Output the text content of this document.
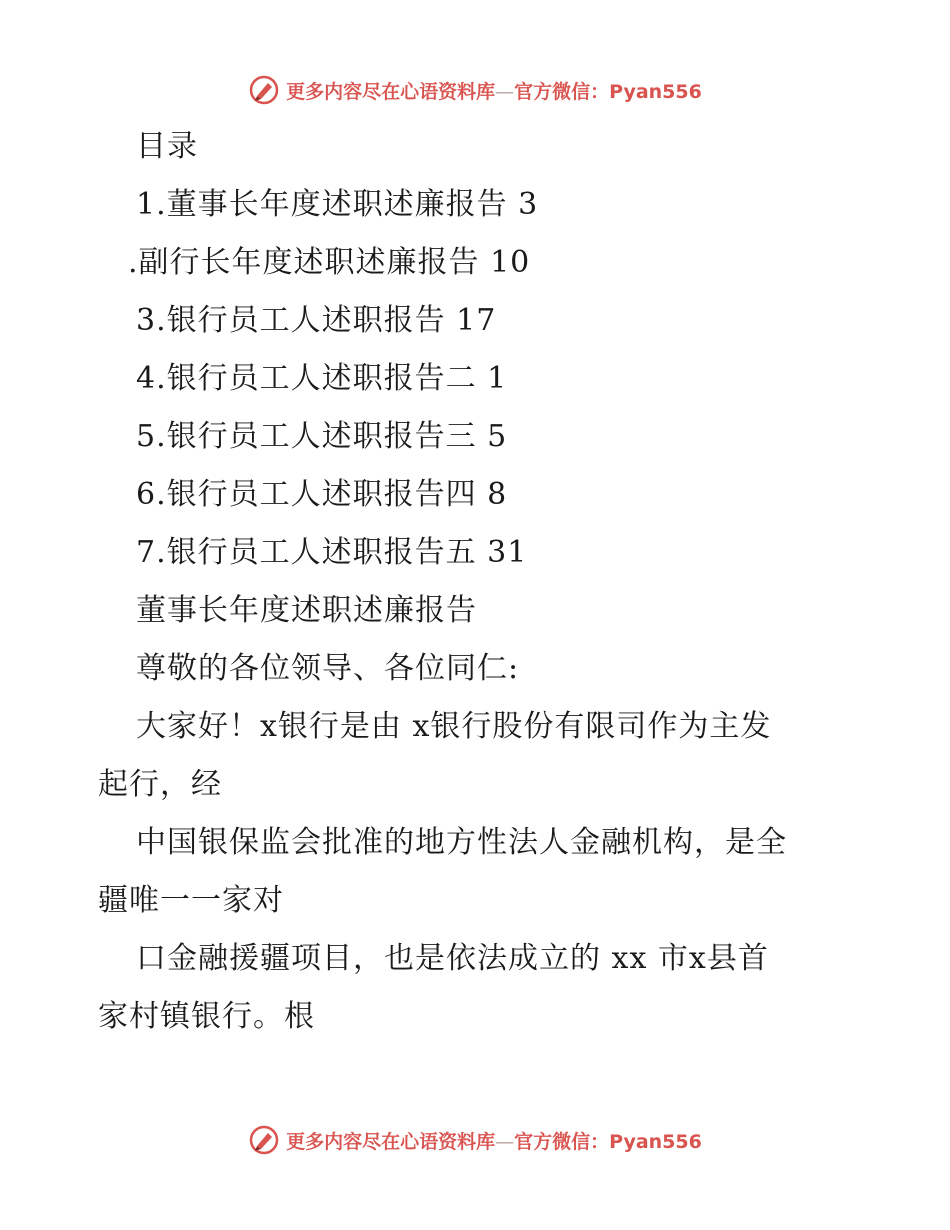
更多内容尽在心语资料库—官方微信：Pyan556
目录
1.董事长年度述职述廉报告 3
.副行长年度述职述廉报告 10
3.银行员工人述职报告 17
4.银行员工人述职报告二 1
5.银行员工人述职报告三 5
6.银行员工人述职报告四 8
7.银行员工人述职报告五 31
董事长年度述职述廉报告
尊敬的各位领导、各位同仁:
大家好！x银行是由 x银行股份有限司作为主发
起行，经
中国银保监会批准的地方性法人金融机构，是全
疆唯一一家对
口金融援疆项目，也是依法成立的 xx 市x县首
家村镇银行。根
更多内容尽在心语资料库—官方微信：Pyan556
